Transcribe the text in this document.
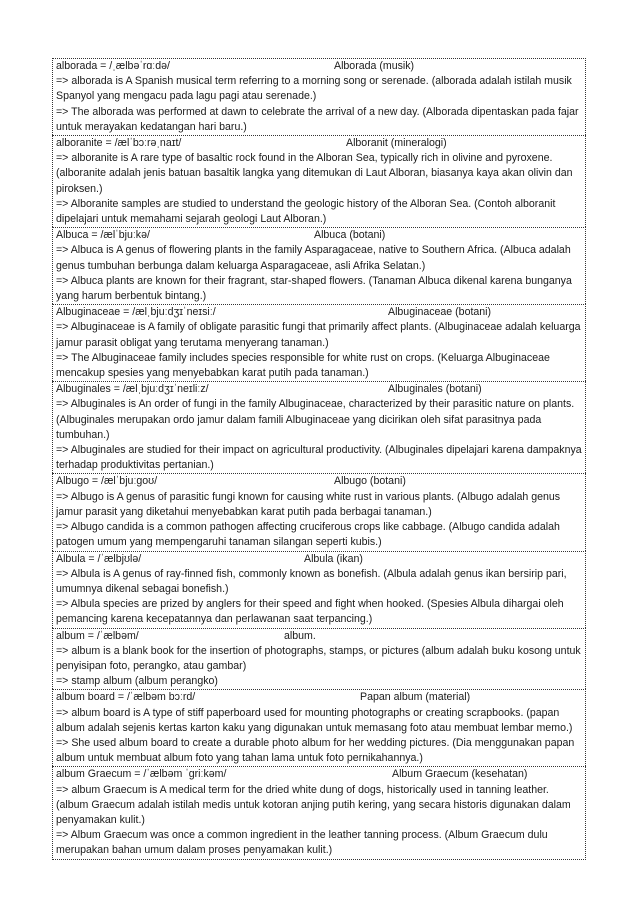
alborada = /ˌælbəˈrɑːdə/	Alborada (musik)
=> alborada is A Spanish musical term referring to a morning song or serenade. (alborada adalah istilah musik Spanyol yang mengacu pada lagu pagi atau serenade.)
=> The alborada was performed at dawn to celebrate the arrival of a new day. (Alborada dipentaskan pada fajar untuk merayakan kedatangan hari baru.)
alboranite = /ælˈbɔːrəˌnaɪt/	Alboranit (mineralogi)
=> alboranite is A rare type of basaltic rock found in the Alboran Sea, typically rich in olivine and pyroxene. (alboranite adalah jenis batuan basaltik langka yang ditemukan di Laut Alboran, biasanya kaya akan olivin dan piroksen.)
=> Alboranite samples are studied to understand the geologic history of the Alboran Sea. (Contoh alboranit dipelajari untuk memahami sejarah geologi Laut Alboran.)
Albuca = /ælˈbjuːkə/	Albuca (botani)
=> Albuca is A genus of flowering plants in the family Asparagaceae, native to Southern Africa. (Albuca adalah genus tumbuhan berbunga dalam keluarga Asparagaceae, asli Afrika Selatan.)
=> Albuca plants are known for their fragrant, star-shaped flowers. (Tanaman Albuca dikenal karena bunganya yang harum berbentuk bintang.)
Albuginaceae = /ælˌbjuːdʒɪˈneɪsiː/	Albuginaceae (botani)
=> Albuginaceae is A family of obligate parasitic fungi that primarily affect plants. (Albuginaceae adalah keluarga jamur parasit obligat yang terutama menyerang tanaman.)
=> The Albuginaceae family includes species responsible for white rust on crops. (Keluarga Albuginaceae mencakup spesies yang menyebabkan karat putih pada tanaman.)
Albuginales = /ælˌbjuːdʒɪˈneɪliːz/	Albuginales (botani)
=> Albuginales is An order of fungi in the family Albuginaceae, characterized by their parasitic nature on plants. (Albuginales merupakan ordo jamur dalam famili Albuginaceae yang dicirikan oleh sifat parasitnya pada tumbuhan.)
=> Albuginales are studied for their impact on agricultural productivity. (Albuginales dipelajari karena dampaknya terhadap produktivitas pertanian.)
Albugo = /ælˈbjuːɡoʊ/	Albugo (botani)
=> Albugo is A genus of parasitic fungi known for causing white rust in various plants. (Albugo adalah genus jamur parasit yang diketahui menyebabkan karat putih pada berbagai tanaman.)
=> Albugo candida is a common pathogen affecting cruciferous crops like cabbage. (Albugo candida adalah patogen umum yang mempengaruhi tanaman silangan seperti kubis.)
Albula = /ˈælbjʊlə/	Albula (ikan)
=> Albula is A genus of ray-finned fish, commonly known as bonefish. (Albula adalah genus ikan bersirip pari, umumnya dikenal sebagai bonefish.)
=> Albula species are prized by anglers for their speed and fight when hooked. (Spesies Albula dihargai oleh pemancing karena kecepatannya dan perlawanan saat terpancing.)
album = /ˈælbəm/	album.
=> album is a blank book for the insertion of photographs, stamps, or pictures (album adalah buku kosong untuk penyisipan foto, perangko, atau gambar)
=> stamp album (album perangko)
album board = /ˈælbəm bɔːrd/	Papan album (material)
=> album board is A type of stiff paperboard used for mounting photographs or creating scrapbooks. (papan album adalah sejenis kertas karton kaku yang digunakan untuk memasang foto atau membuat lembar memo.)
=> She used album board to create a durable photo album for her wedding pictures. (Dia menggunakan papan album untuk membuat album foto yang tahan lama untuk foto pernikahannya.)
album Graecum = /ˈælbəm ˈɡriːkəm/	Album Graecum (kesehatan)
=> album Graecum is A medical term for the dried white dung of dogs, historically used in tanning leather. (album Graecum adalah istilah medis untuk kotoran anjing putih kering, yang secara historis digunakan dalam penyamakan kulit.)
=> Album Graecum was once a common ingredient in the leather tanning process. (Album Graecum dulu merupakan bahan umum dalam proses penyamakan kulit.)
